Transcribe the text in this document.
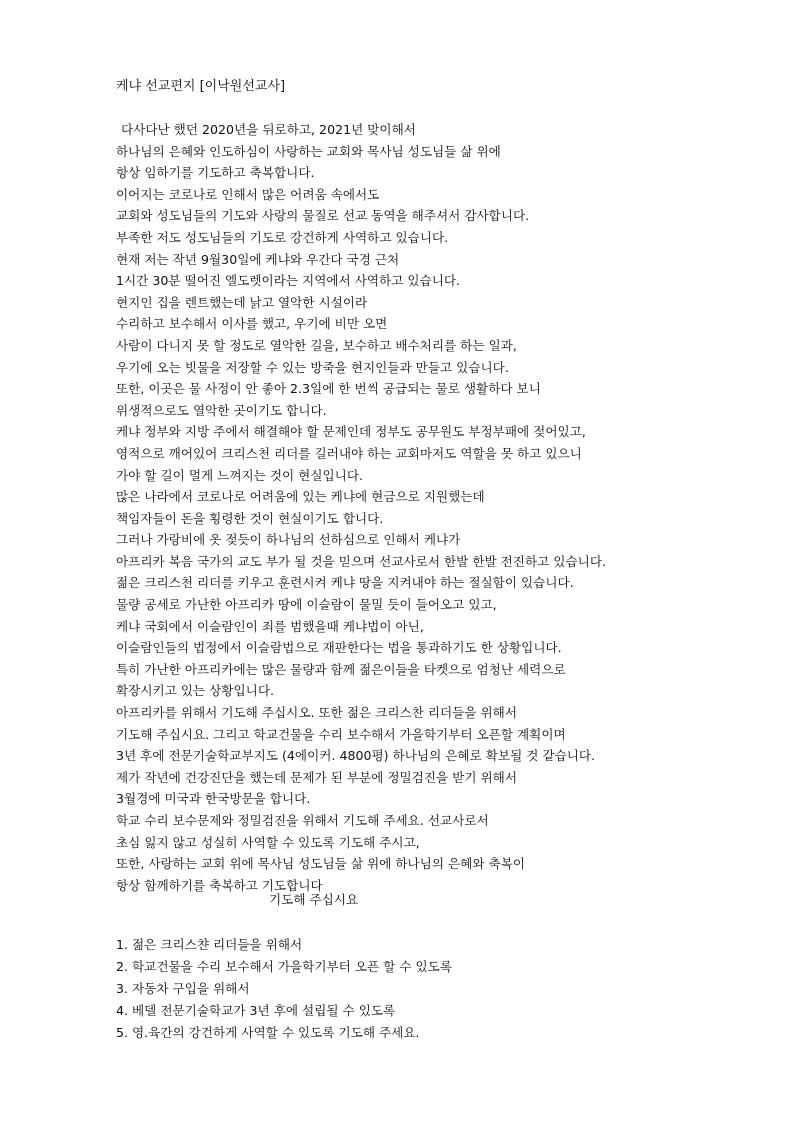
케냐 선교편지 [이낙원선교사]
다사다난 했던 2020년을 뒤로하고, 2021년 맞이해서
하나님의 은혜와 인도하심이 사랑하는 교회와 목사님 성도님들 삶 위에
항상 임하기를 기도하고 축복합니다.
이어지는 코로나로 인해서 많은 어려움 속에서도
교회와 성도님들의 기도와 사랑의 물질로 선교 동역을 해주셔서 감사합니다.
부족한 저도 성도님들의 기도로 강건하게 사역하고 있습니다.
현재 저는 작년 9월30일에 케냐와 우간다 국경 근처
1시간 30분 떨어진 엘도렛이라는 지역에서 사역하고 있습니다.
현지인 집을 렌트했는데 낡고 열악한 시설이라
수리하고 보수해서 이사를 했고, 우기에 비만 오면
사람이 다니지 못 할 정도로 열악한 길을, 보수하고 배수처리를 하는 일과,
우기에 오는 빗물을 저장할 수 있는 방죽을 현지인들과 만들고 있습니다.
또한, 이곳은 물 사정이 안 좋아 2.3일에 한 번씩 공급되는 물로 생활하다 보니
위생적으로도 열악한 곳이기도 합니다.
케냐 정부와 지방 주에서 해결해야 할 문제인데 정부도 공무원도 부정부패에 젖어있고,
영적으로 깨어있어 크리스천 리더를 길러내야 하는 교회마저도 역할을 못 하고 있으니
가야 할 길이 멀게 느껴지는 것이 현실입니다.
많은 나라에서 코로나로 어려움에 있는 케냐에 현금으로 지원했는데
책임자들이 돈을 횡령한 것이 현실이기도 합니다.
그러나 가랑비에 옷 젖듯이 하나님의 선하심으로 인해서 케냐가
아프리카 복음 국가의 교도 부가 될 것을 믿으며 선교사로서 한발 한발 전진하고 있습니다.
젊은 크리스천 리더를 키우고 훈련시켜 케냐 땅을 지켜내야 하는 절실함이 있습니다.
물량 공세로 가난한 아프리카 땅에 이슬람이 물밀 듯이 들어오고 있고,
케냐 국회에서 이슬람인이 죄를 범했을때 케냐법이 아닌,
이슬람인들의 법정에서 이슬람법으로 재판한다는 법을 통과하기도 한 상황입니다.
특히 가난한 아프리카에는 많은 물량과 함께 젊은이들을 타켓으로 엄청난 세력으로
확장시키고 있는 상황입니다.
아프리카를 위해서 기도해 주십시오. 또한 젊은 크리스찬 리더들을 위해서
기도해 주십시요. 그리고 학교건물을 수리 보수해서 가을학기부터 오픈할 계획이며
3년 후에 전문기술학교부지도 (4에이커. 4800평) 하나님의 은혜로 확보될 것 같습니다.
제가 작년에 건강진단을 했는데 문제가 된 부분에 정밀검진을 받기 위해서
3월경에 미국과 한국방문을 합니다.
학교 수리 보수문제와 정밀검진을 위해서 기도해 주세요. 선교사로서
초심 잃지 않고 성실히 사역할 수 있도록 기도해 주시고,
또한, 사랑하는 교회 위에 목사님 성도님들 삶 위에 하나님의 은혜와 축복이
항상 함께하기를 축복하고 기도합니다
기도해 주십시요
1. 젊은 크리스챤 리더들을 위해서
2. 학교건물을 수리 보수해서 가을학기부터 오픈 할 수 있도록
3. 자동차 구입을 위해서
4. 베델 전문기술학교가 3년 후에 설립될 수 있도록
5. 영.육간의 강건하게 사역할 수 있도록 기도해 주세요.
